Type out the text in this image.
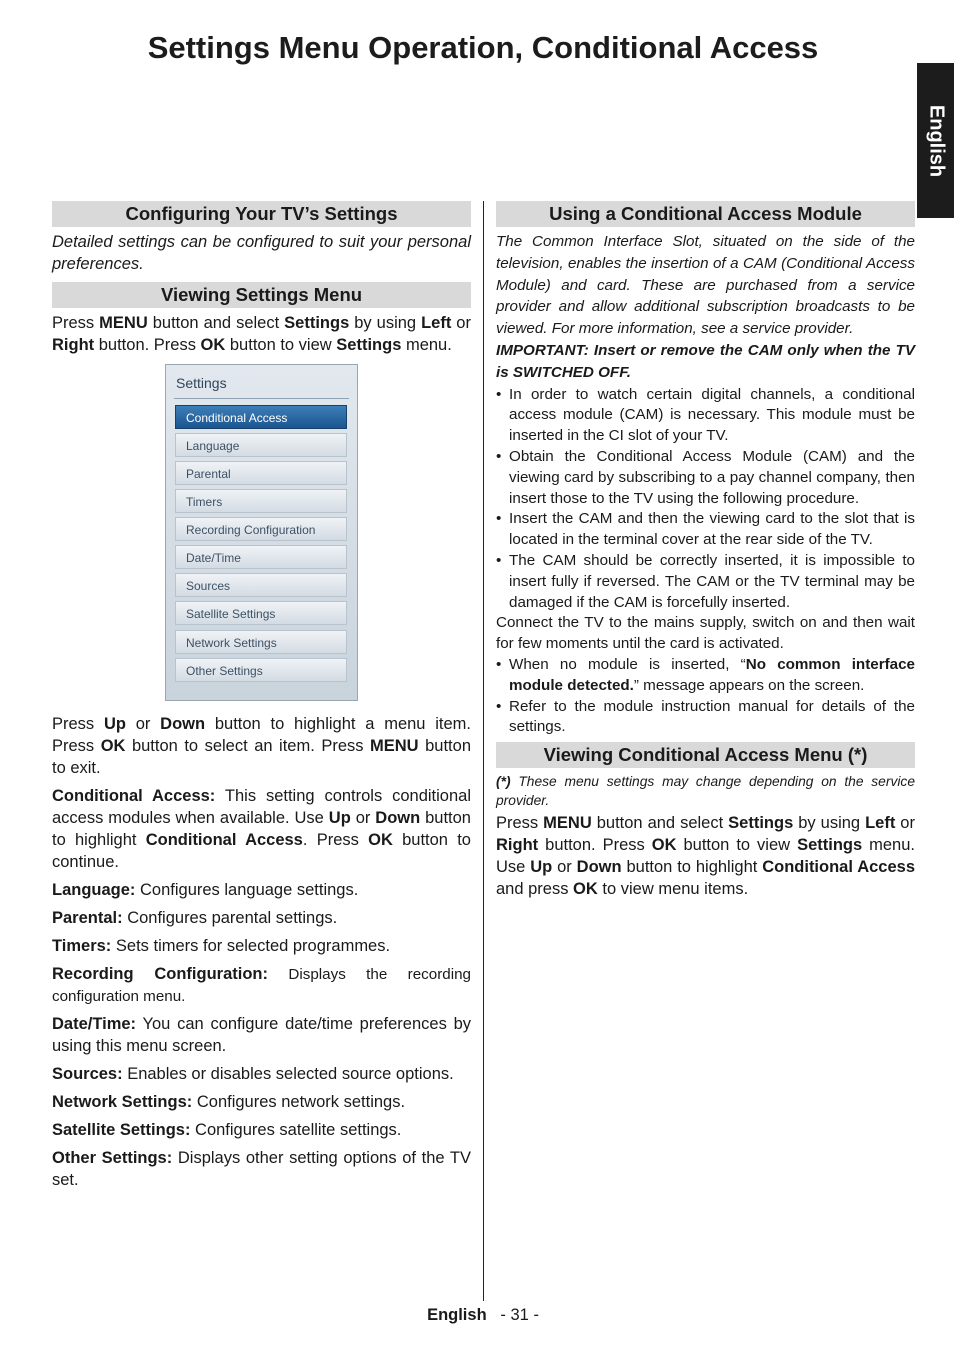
Settings Menu Operation, Conditional Access
English
Configuring Your TV’s Settings

Detailed settings can be configured to suit your personal preferences.

Viewing Settings Menu

Press MENU button and select Settings by using Left or Right button. Press OK button to view Settings menu.

Settings
Conditional Access
Language
Parental
Timers
Recording Configuration
Date/Time
Sources
Satellite Settings
Network Settings
Other Settings

Press Up or Down button to highlight a menu item. Press OK button to select an item. Press MENU button to exit.

Conditional Access: This setting controls conditional access modules when available. Use Up or Down button to highlight Conditional Access. Press OK button to continue.

Language: Configures language settings.

Parental: Configures parental settings.

Timers: Sets timers for selected programmes.

Recording Configuration: Displays the recording configuration menu.

Date/Time: You can configure date/time preferences by using this menu screen.

Sources: Enables or disables selected source options.

Network Settings: Configures network settings.

Satellite Settings: Configures satellite settings.

Other Settings: Displays other setting options of the TV set.

Using a Conditional Access Module

The Common Interface Slot, situated on the side of the television, enables the insertion of a CAM (Conditional Access Module) and card. These are purchased from a service provider and allow additional subscription broadcasts to be viewed. For more information, see a service provider.

IMPORTANT: Insert or remove the CAM only when the TV is SWITCHED OFF.

• In order to watch certain digital channels, a conditional access module (CAM) is necessary. This module must be inserted in the CI slot of your TV.
• Obtain the Conditional Access Module (CAM) and the viewing card by subscribing to a pay channel company, then insert those to the TV using the following procedure.
• Insert the CAM and then the viewing card to the slot that is located in the terminal cover at the rear side of the TV.
• The CAM should be correctly inserted, it is impossible to insert fully if reversed. The CAM or the TV terminal may be damaged if the CAM is forcefully inserted.

Connect the TV to the mains supply, switch on and then wait for few moments until the card is activated.

• When no module is inserted, “No common interface module detected.” message appears on the screen.
• Refer to the module instruction manual for details of the settings.
Viewing Conditional Access Menu (*)

(*) These menu settings may change depending on the service provider.

Press MENU button and select Settings by using Left or Right button. Press OK button to view Settings menu. Use Up or Down button to highlight Conditional Access and press OK to view menu items.

English - 31 -
